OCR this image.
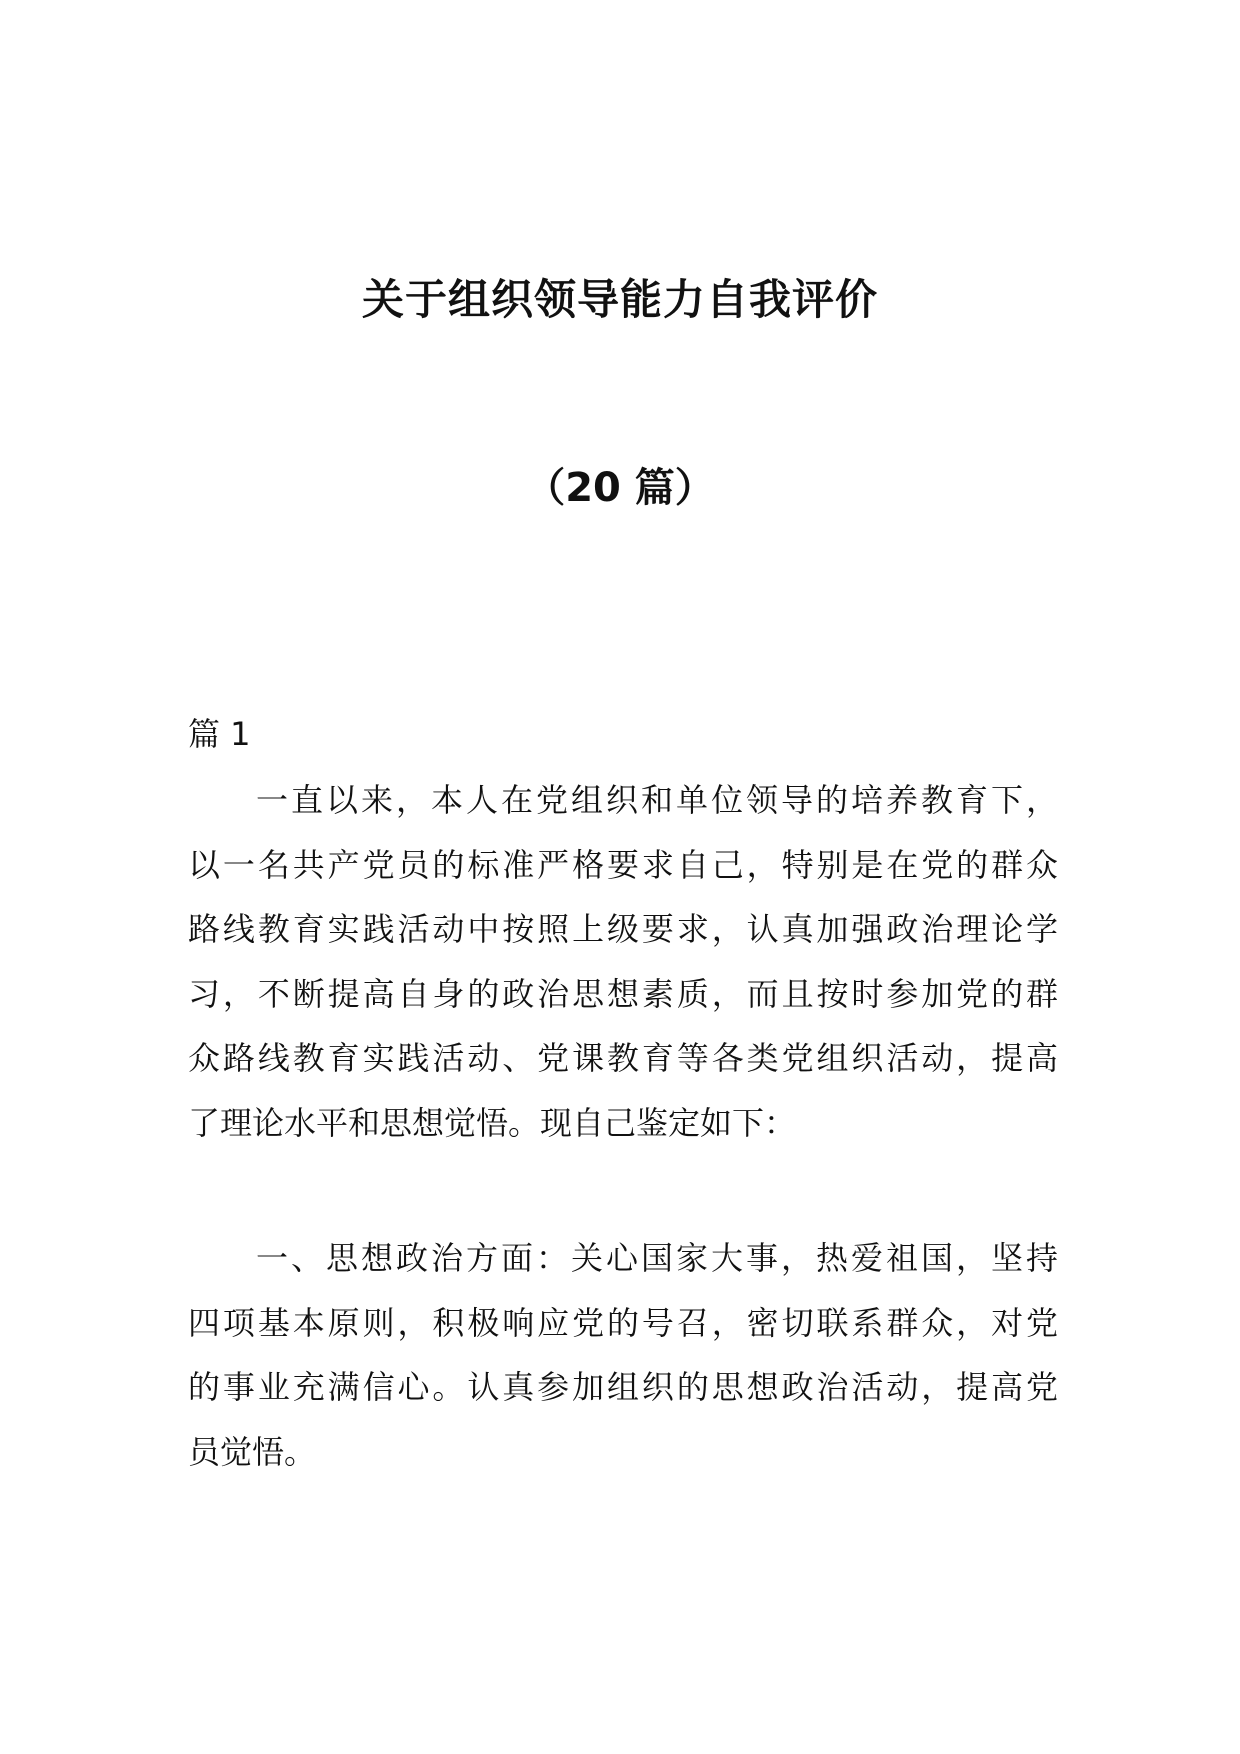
关于组织领导能力自我评价
（20 篇）
篇 1
一直以来，本人在党组织和单位领导的培养教育下，
以一名共产党员的标准严格要求自己，特别是在党的群众
路线教育实践活动中按照上级要求，认真加强政治理论学
习，不断提高自身的政治思想素质，而且按时参加党的群
众路线教育实践活动、党课教育等各类党组织活动，提高
了理论水平和思想觉悟。现自己鉴定如下：
一、思想政治方面：关心国家大事，热爱祖国，坚持
四项基本原则，积极响应党的号召，密切联系群众，对党
的事业充满信心。认真参加组织的思想政治活动，提高党
员觉悟。
